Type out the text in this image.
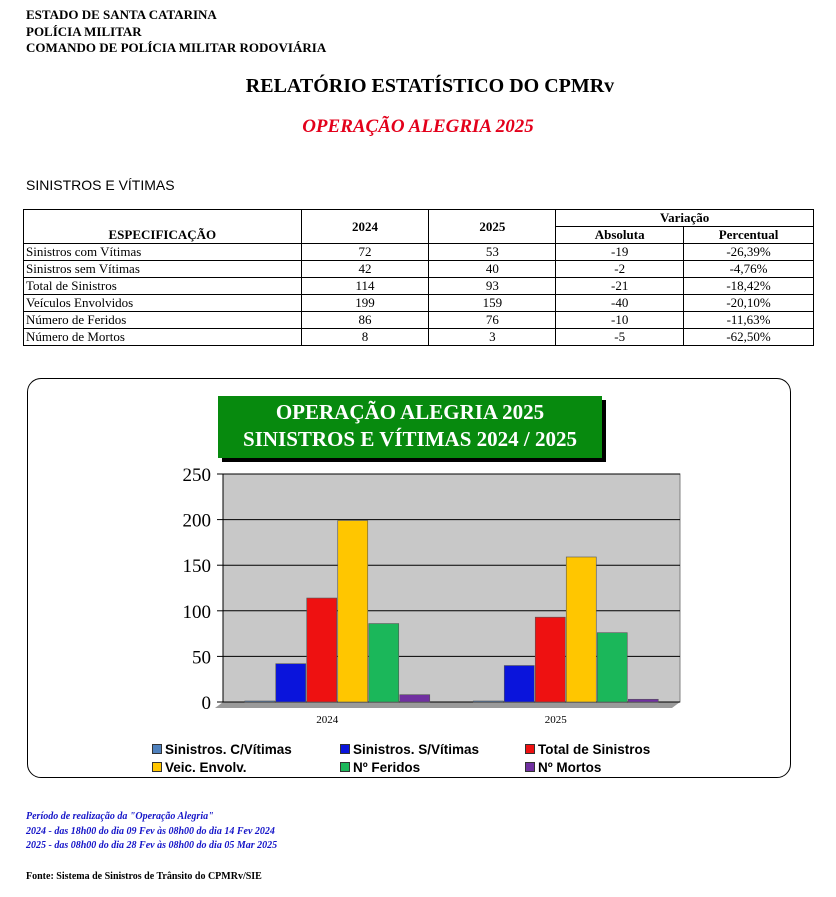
ESTADO DE SANTA CATARINA
POLÍCIA MILITAR
COMANDO DE POLÍCIA MILITAR RODOVIÁRIA
RELATÓRIO ESTATÍSTICO DO CPMRv
OPERAÇÃO ALEGRIA 2025
SINISTROS E VÍTIMAS
	2024	2025	Variação	
ESPECIFICAÇÃO			Absoluta	Percentual
Sinistros com Vítimas	72	53	-19	-26,39%
Sinistros sem Vítimas	42	40	-2	-4,76%
Total de Sinistros	114	93	-21	-18,42%
Veículos Envolvidos	199	159	-40	-20,10%
Número de Feridos	86	76	-10	-11,63%
Número de Mortos	8	3	-5	-62,50%
0
50
100
150
200
250
2024	2025
OPERAÇÃO ALEGRIA 2025
SINISTROS E VÍTIMAS 2024 / 2025
Sinistros. C/Vítimas	Sinistros. S/Vítimas	Total de Sinistros
Veic. Envolv.	Nº Feridos	Nº Mortos
Período de realização da "Operação Alegria"
2024 - das 18h00 do dia 09 Fev às 08h00 do dia 14 Fev 2024
2025 - das 08h00 do dia 28 Fev às 08h00 do dia 05 Mar 2025
Fonte: Sistema de Sinistros de Trânsito do CPMRv/SIE
